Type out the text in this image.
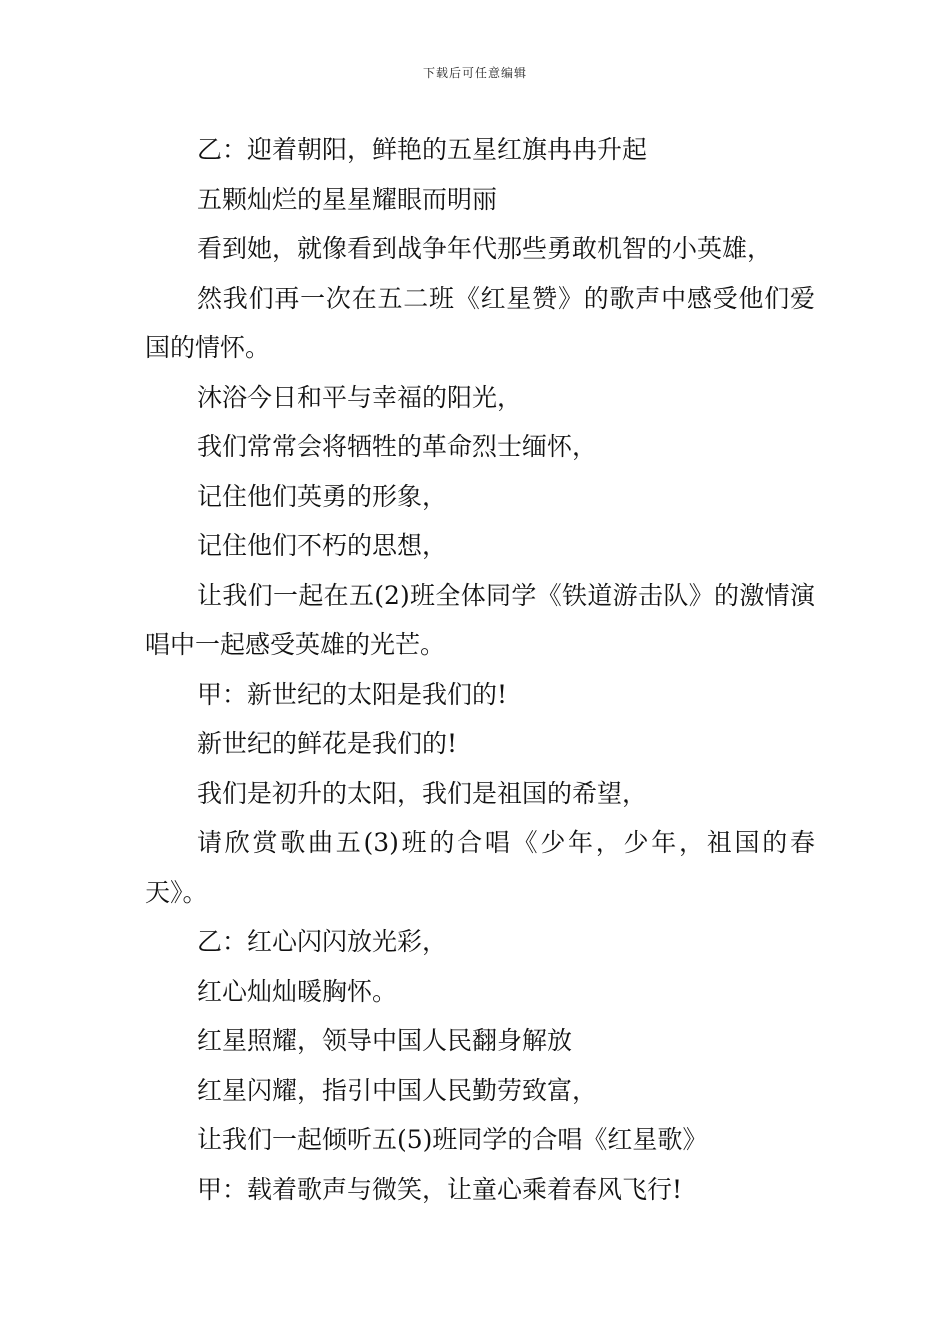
下载后可任意编辑

乙：迎着朝阳，鲜艳的五星红旗冉冉升起

五颗灿烂的星星耀眼而明丽

看到她，就像看到战争年代那些勇敢机智的小英雄，

然我们再一次在五二班《红星赞》的歌声中感受他们爱国的情怀。

沐浴今日和平与幸福的阳光，

我们常常会将牺牲的革命烈士缅怀，

记住他们英勇的形象，

记住他们不朽的思想，

让我们一起在五(2)班全体同学《铁道游击队》的激情演唱中一起感受英雄的光芒。

甲：新世纪的太阳是我们的!

新世纪的鲜花是我们的!

我们是初升的太阳，我们是祖国的希望，

请欣赏歌曲五(3)班的合唱《少年，少年，祖国的春天》。

乙：红心闪闪放光彩，

红心灿灿暖胸怀。

红星照耀，领导中国人民翻身解放

红星闪耀，指引中国人民勤劳致富，

让我们一起倾听五(5)班同学的合唱《红星歌》

甲：载着歌声与微笑，让童心乘着春风飞行!
